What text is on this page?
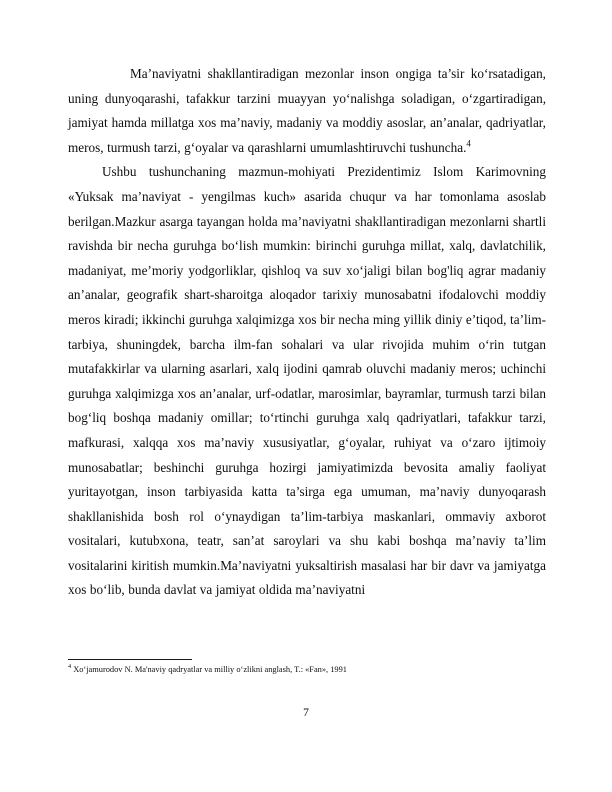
Ma’naviyatni shakllantiradigan mezonlar inson ongiga ta’sir ko‘rsatadigan, uning dunyoqarashi, tafakkur tarzini muayyan yo‘nalishga soladigan, o‘zgartiradigan, jamiyat hamda millatga xos ma’naviy, madaniy va moddiy asoslar, an’analar, qadriyatlar, meros, turmush tarzi, g‘oyalar va qarashlarni umumlashtiruvchi tushuncha.$^4$

Ushbu tushunchaning mazmun-mohiyati Prezidentimiz Islom Karimovning «Yuksak ma’naviyat - yengilmas kuch» asarida chuqur va har tomonlama asoslab berilgan.Mazkur asarga tayangan holda ma’naviyatni shakllantiradigan mezonlarni shartli ravishda bir necha guruhga bo‘lish mumkin: birinchi guruhga millat, xalq, davlatchilik, madaniyat, me’moriy yodgorliklar, qishloq va suv xo‘jaligi bilan bog'liq agrar madaniy an’analar, geografik shart-sharoitga aloqador tarixiy munosabatni ifodalovchi moddiy meros kiradi; ikkinchi guruhga xalqimizga xos bir necha ming yillik diniy e’tiqod, ta’lim-tarbiya, shuningdek, barcha ilm-fan sohalari va ular rivojida muhim o‘rin tutgan mutafakkirlar va ularning asarlari, xalq ijodini qamrab oluvchi madaniy meros; uchinchi guruhga xalqimizga xos an’analar, urf-odatlar, marosimlar, bayramlar, turmush tarzi bilan bog‘liq boshqa madaniy omillar; to‘rtinchi guruhga xalq qadriyatlari, tafakkur tarzi, mafkurasi, xalqqa xos ma’naviy xususiyatlar, g‘oyalar, ruhiyat va o‘zaro ijtimoiy munosabatlar; beshinchi guruhga hozirgi jamiyatimizda bevosita amaliy faoliyat yuritayotgan, inson tarbiyasida katta ta’sirga ega umuman, ma’naviy dunyoqarash shakllanishida bosh rol o‘ynaydigan ta’lim-tarbiya maskanlari, ommaviy axborot vositalari, kutubxona, teatr, san’at saroylari va shu kabi boshqa ma’naviy ta’lim vositalarini kiritish mumkin.Ma’naviyatni yuksaltirish masalasi har bir davr va jamiyatga xos bo‘lib, bunda davlat va jamiyat oldida ma’naviyatni

$^4$ Xo‘jamurodov N. Ma'naviy qadryatlar va milliy o‘zlikni anglash, T.: «Fan», 1991

7
